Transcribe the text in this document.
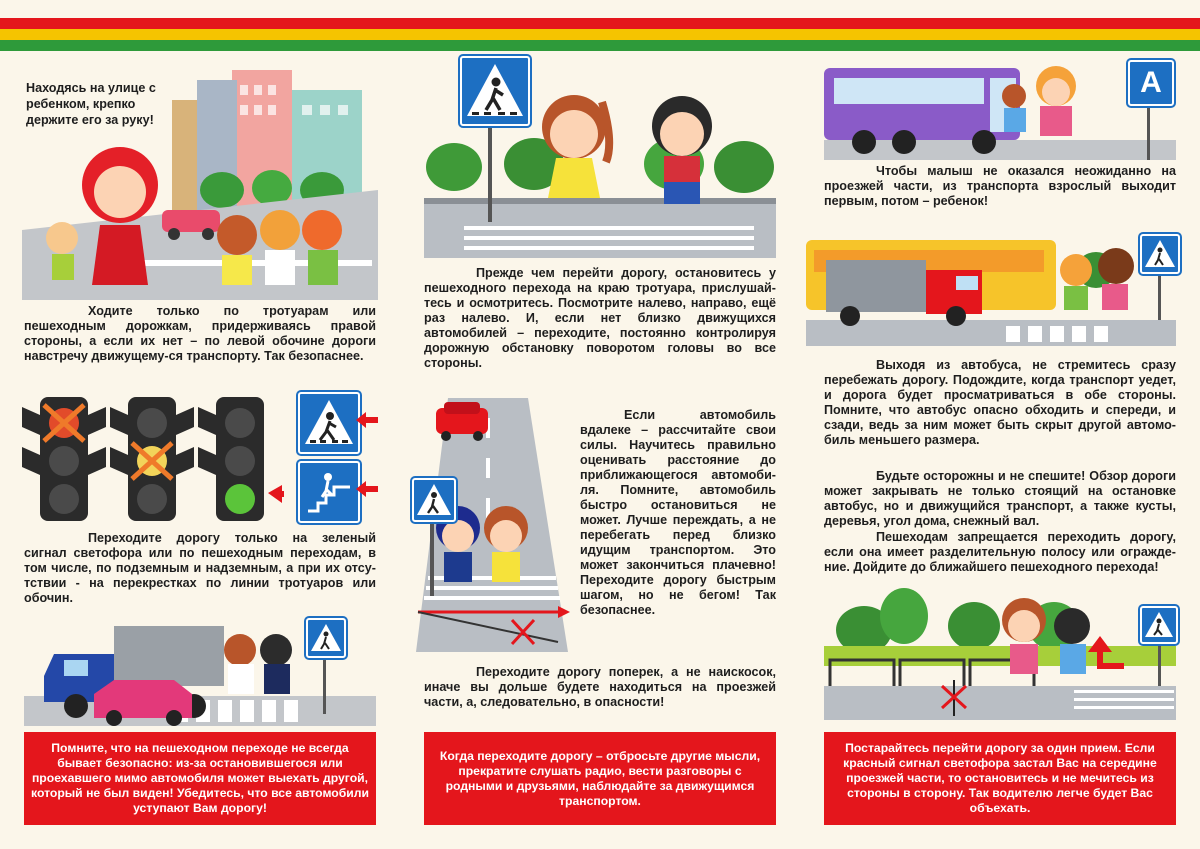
Находясь на улице с ребенком, крепко держите его за руку!

Ходите только по тротуарам или пешеходным дорожкам, придерживаясь правой стороны, а если их нет – по левой обочине дороги навстречу движущему-ся транспорту. Так безопаснее.

Переходите дорогу только на зеленый сигнал светофора или по пешеходным переходам, в том числе, по подземным и надземным, а при их отсу-тствии - на перекрестках по линии тротуаров или обочин.

Помните, что на пешеходном переходе не всегда бывает безопасно: из-за остановившегося или проехавшего мимо автомобиля может выехать другой, который не был виден! Убедитесь, что все автомобили уступают Вам дорогу!

Прежде чем перейти дорогу, остановитесь у пешеходного перехода на краю тротуара, прислушай-тесь и осмотритесь. Посмотрите налево, направо, ещё раз налево. И, если нет близко движущихся автомобилей – переходите, постоянно контролируя дорожную обстановку поворотом головы во все стороны.

Если автомобиль вдалеке – рассчитайте свои силы. Научитесь правильно оценивать расстояние до приближающегося автомоби-ля. Помните, автомобиль быстро остановиться не может. Лучше переждать, а не перебегать перед близко идущим транспортом. Это может закончиться плачевно! Переходите дорогу быстрым шагом, но не бегом! Так безопаснее.

Переходите дорогу поперек, а не наискосок, иначе вы дольше будете находиться на проезжей части, а, следовательно, в опасности!

Когда переходите дорогу – отбросьте другие мысли, прекратите слушать радио, вести разговоры с родными и друзьями, наблюдайте за движущимся транспортом.
А

Чтобы малыш не оказался неожиданно на проезжей части, из транспорта взрослый выходит первым, потом – ребенок!

Выходя из автобуса, не стремитесь сразу перебежать дорогу. Подождите, когда транспорт уедет, и дорога будет просматриваться в обе стороны. Помните, что автобус опасно обходить и спереди, и сзади, ведь за ним может быть скрыт другой автомо-биль меньшего размера.

Будьте осторожны и не спешите! Обзор дороги может закрывать не только стоящий на остановке автобус, но и движущийся транспорт, а также кусты, деревья, угол дома, снежный вал.

Пешеходам запрещается переходить дорогу, если она имеет разделительную полосу или огражде-ние. Дойдите до ближайшего пешеходного перехода!

Постарайтесь перейти дорогу за один прием. Если красный сигнал светофора застал Вас на середине проезжей части, то остановитесь и не мечитесь из стороны в сторону. Так водителю легче будет Вас объехать.
